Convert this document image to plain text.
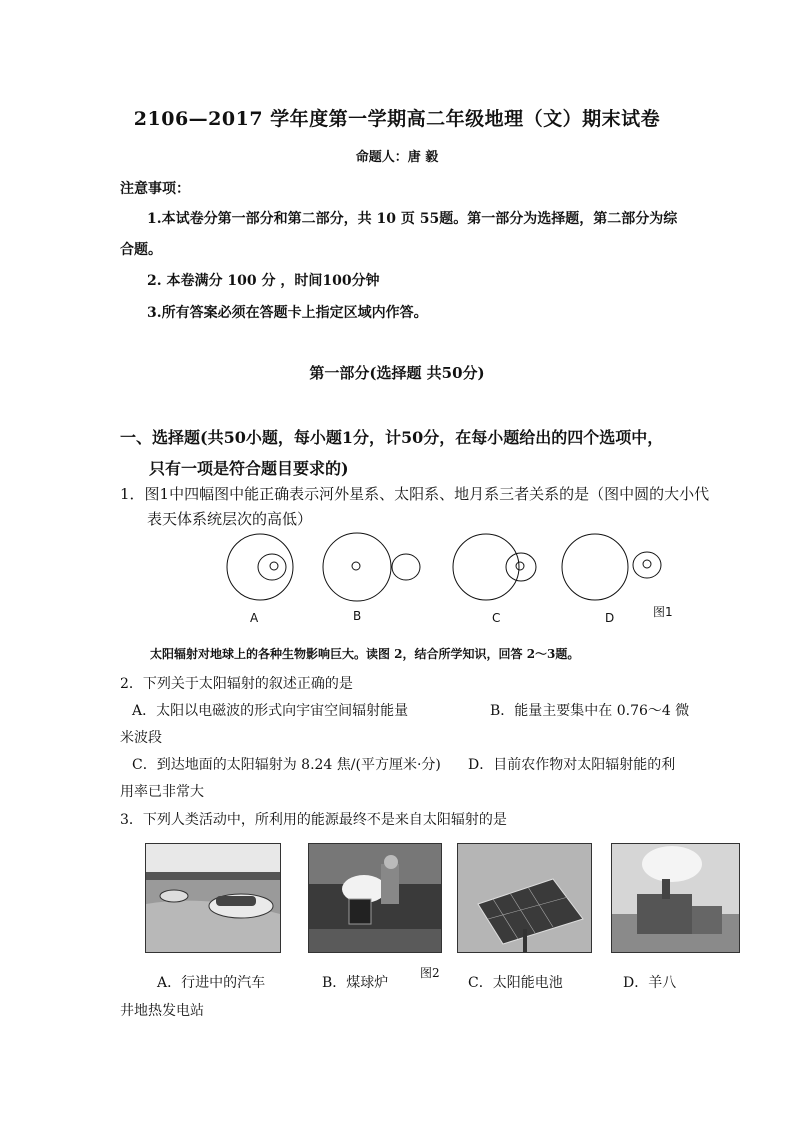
2106—2017 学年度第一学期高二年级地理（文）期末试卷
命题人：唐 毅
注意事项：
1.本试卷分第一部分和第二部分，共 10 页 55题。第一部分为选择题，第二部分为综
合题。
2. 本卷满分 100 分 ，时间100分钟
3.所有答案必须在答题卡上指定区域内作答。
第一部分(选择题 共50分)
一、选择题(共50小题，每小题1分，计50分，在每小题给出的四个选项中，
只有一项是符合题目要求的)
1．图1中四幅图中能正确表示河外星系、太阳系、地月系三者关系的是（图中圆的大小代
表天体系统层次的高低）
A	B	C	D	图1
太阳辐射对地球上的各种生物影响巨大。读图 2，结合所学知识，回答 2～3题。
2．下列关于太阳辐射的叙述正确的是
A．太阳以电磁波的形式向宇宙空间辐射能量	B．能量主要集中在 0.76～4 微
米波段
C．到达地面的太阳辐射为 8.24 焦/(平方厘米·分) D．目前农作物对太阳辐射能的利
用率已非常大
3．下列人类活动中，所利用的能源最终不是来自太阳辐射的是
A．行进中的汽车	B．煤球炉
图2
C．太阳能电池	D．羊八
井地热发电站
